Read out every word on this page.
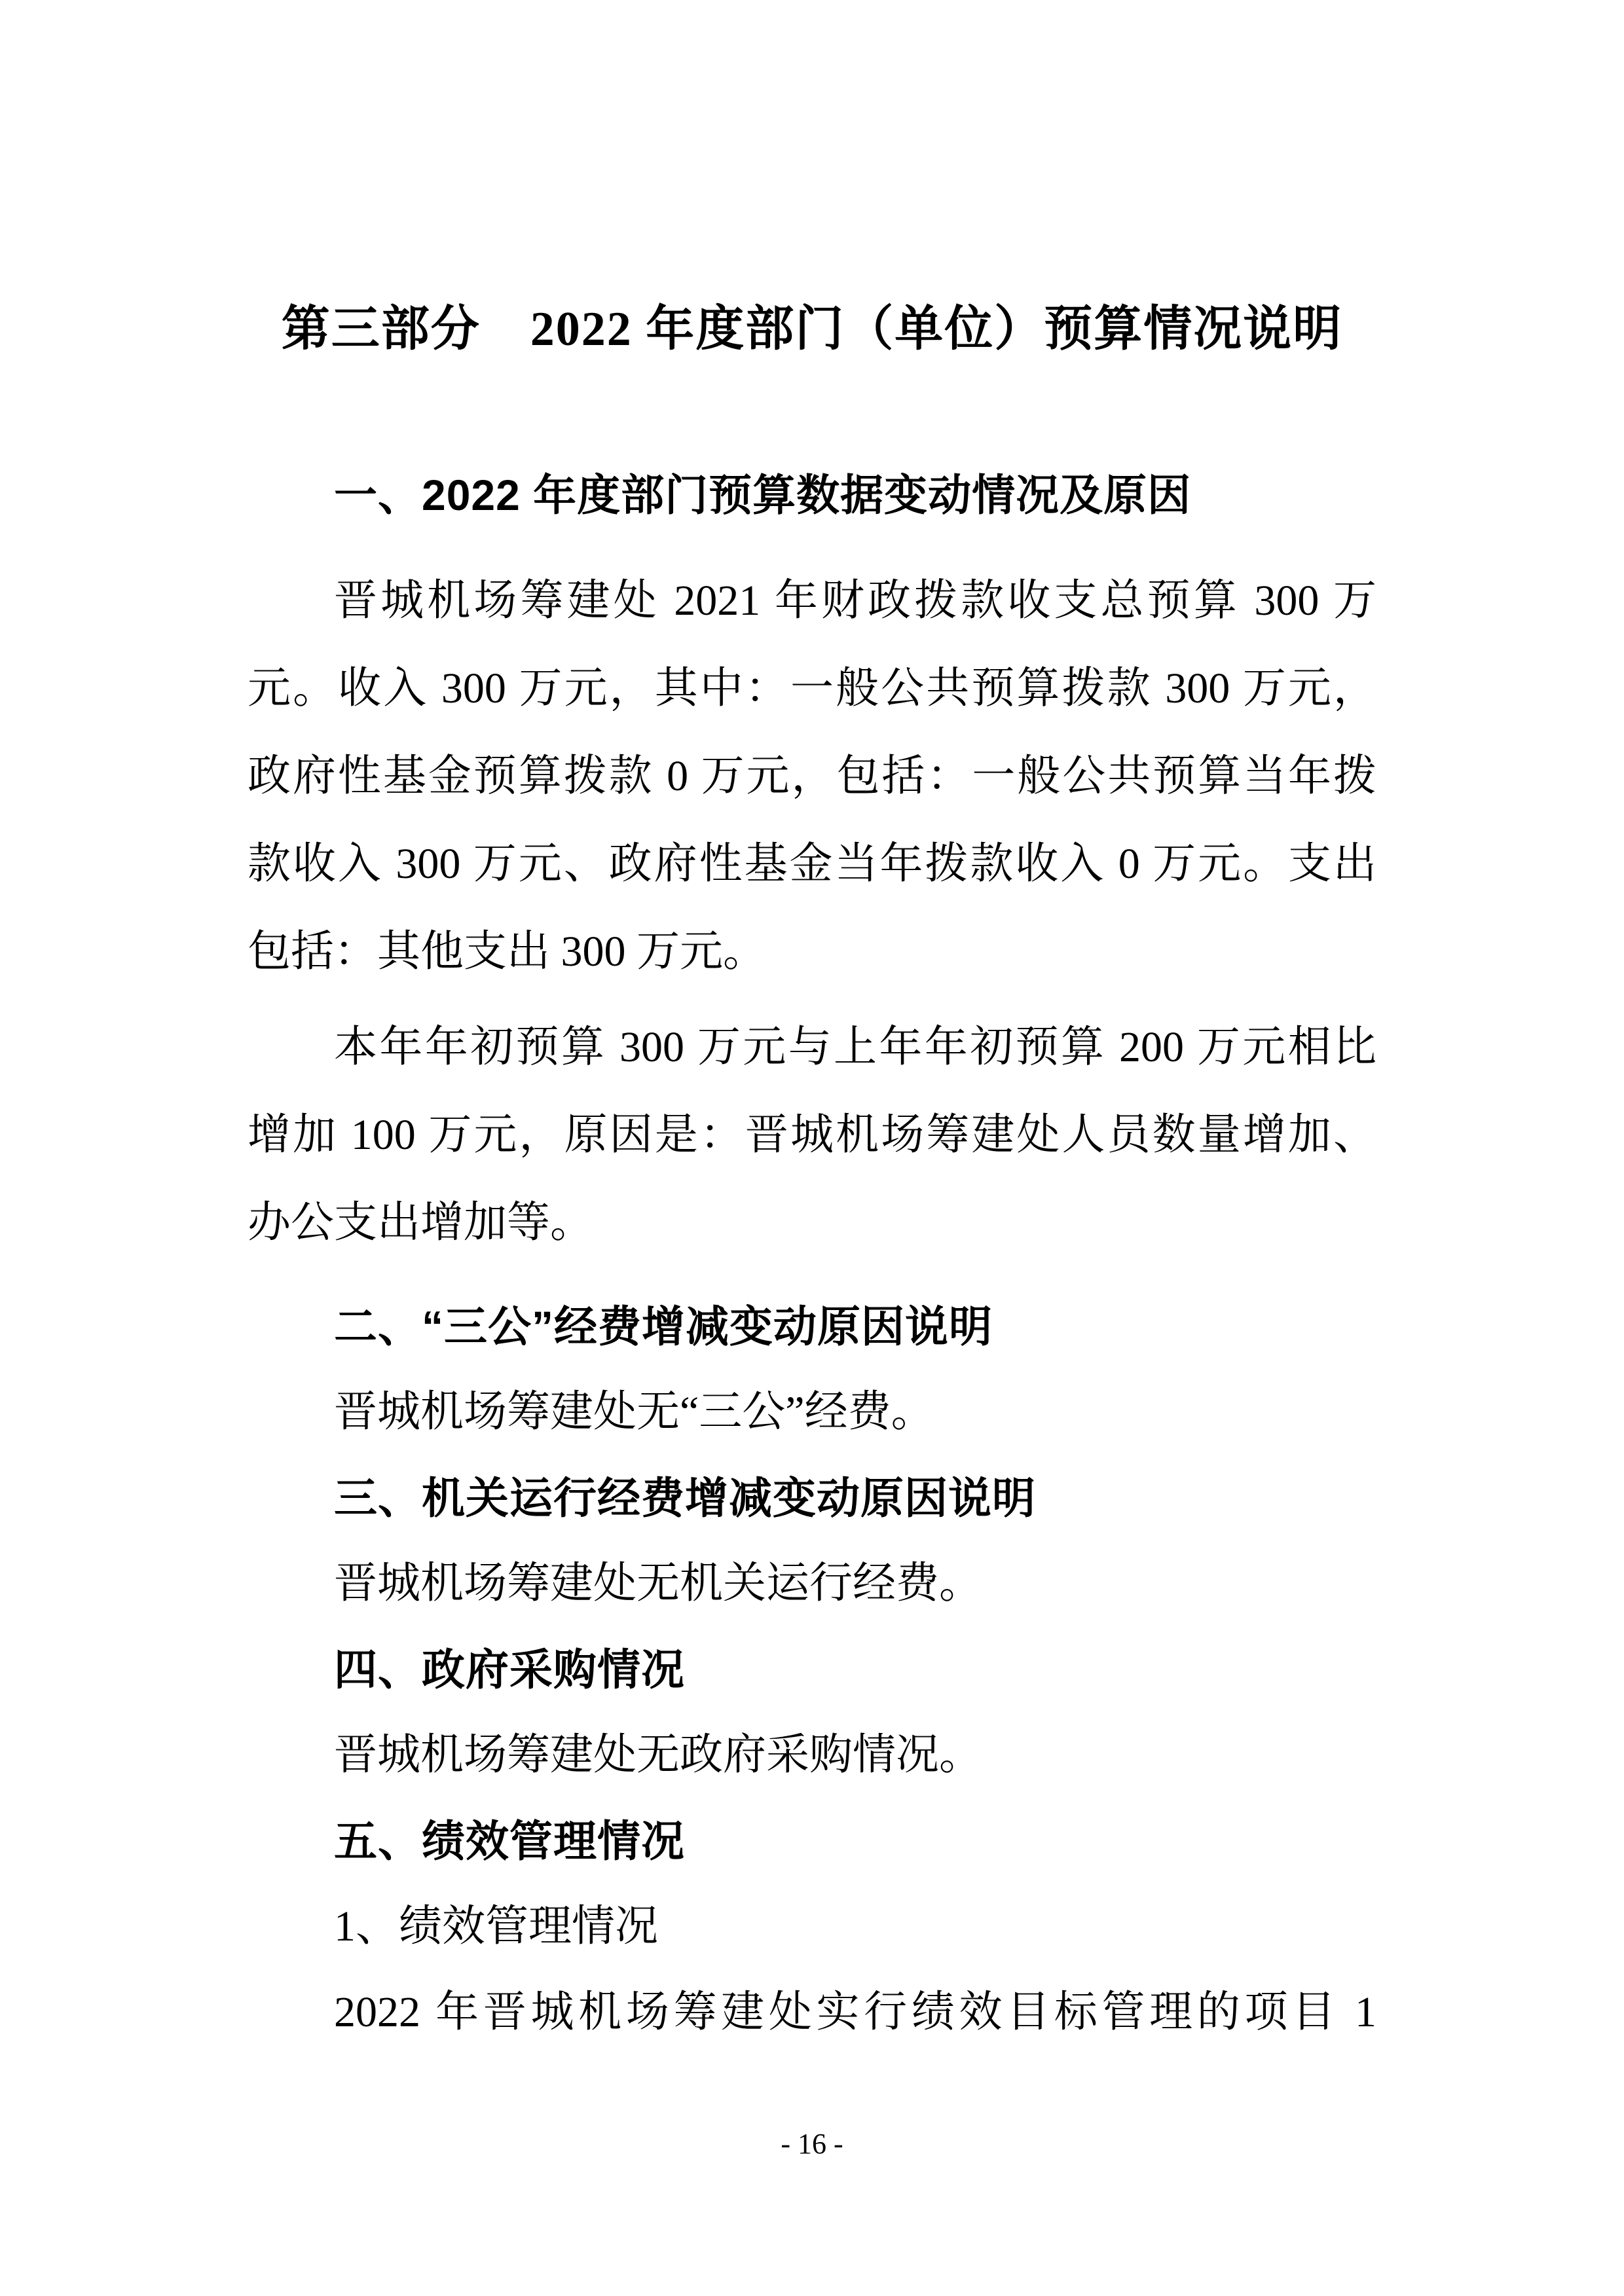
第三部分　2022 年度部门（单位）预算情况说明
一、2022 年度部门预算数据变动情况及原因
晋城机场筹建处 2021 年财政拨款收支总预算 300 万
元。收入 300 万元，其中：一般公共预算拨款 300 万元，
政府性基金预算拨款 0 万元，包括：一般公共预算当年拨
款收入 300 万元、政府性基金当年拨款收入 0 万元。支出
包括：其他支出 300 万元。
本年年初预算 300 万元与上年年初预算 200 万元相比
增加 100 万元，原因是：晋城机场筹建处人员数量增加、
办公支出增加等。
二、“三公”经费增减变动原因说明
晋城机场筹建处无“三公”经费。
三、机关运行经费增减变动原因说明
晋城机场筹建处无机关运行经费。
四、政府采购情况
晋城机场筹建处无政府采购情况。
五、绩效管理情况
1、绩效管理情况
2022 年晋城机场筹建处实行绩效目标管理的项目 1
- 16 -
